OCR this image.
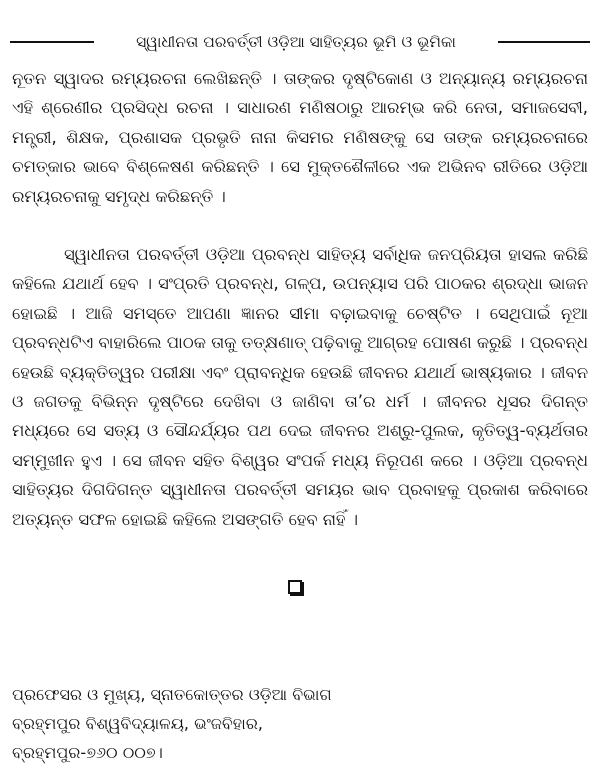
ସ୍ୱାଧୀନତା ପରବର୍ତ୍ତୀ ଓଡ଼ିଆ ସାହିତ୍ୟର ଭୂମି ଓ ଭୂମିକା

ନୂତନ ସ୍ୱାଦର ରମ୍ୟରଚନା ଲେଖିଛନ୍ତି । ତାଙ୍କର ଦୃଷ୍ଟିକୋଣ ଓ ଅନ୍ୟାନ୍ୟ ରମ୍ୟରଚନା ଏହି ଶ୍ରେଣୀର ପ୍ରସିଦ୍ଧ ରଚନା । ସାଧାରଣ ମଣିଷଠାରୁ ଆରମ୍ଭ କରି ନେତା, ସମାଜସେବୀ, ମନ୍ତ୍ରୀ, ଶିକ୍ଷକ, ପ୍ରଶାସକ ପ୍ରଭୃତି ନାନା କିସମର ମଣିଷଙ୍କୁ ସେ ତାଙ୍କ ରମ୍ୟରଚନାରେ ଚମତ୍କାର ଭାବେ ବିଶ୍ଳେଷଣ କରିଛନ୍ତି । ସେ ମୁକ୍ତଶୈଳୀରେ ଏକ ଅଭିନବ ରୀତିରେ ଓଡ଼ିଆ ରମ୍ୟରଚନାକୁ ସମୃଦ୍ଧ କରିଛନ୍ତି ।

ସ୍ୱାଧୀନତା ପରବର୍ତ୍ତୀ ଓଡ଼ିଆ ପ୍ରବନ୍ଧ ସାହିତ୍ୟ ସର୍ବାଧିକ ଜନପ୍ରିୟତା ହାସଲ କରିଛି କହିଲେ ଯଥାର୍ଥ ହେବ । ସଂପ୍ରତି ପ୍ରବନ୍ଧ, ଗଳ୍ପ, ଉପନ୍ୟାସ ପରି ପାଠକର ଶ୍ରଦ୍ଧା ଭାଜନ ହୋଇଛି । ଆଜି ସମସ୍ତେ ଆପଣା ଜ୍ଞାନର ସୀମା ବଢ଼ାଇବାକୁ ଚେଷ୍ଟିତ । ସେଥିପାଇଁ ନୂଆ ପ୍ରବନ୍ଧଟିଏ ବାହାରିଲେ ପାଠକ ତାକୁ ତତ୍‌କ୍ଷଣାତ୍ ପଢ଼ିବାକୁ ଆଗ୍ରହ ପୋଷଣ କରୁଛି । ପ୍ରବନ୍ଧ ହେଉଛି ବ୍ୟକ୍ତିତ୍ୱର ପରୀକ୍ଷା ଏବଂ ପ୍ରାବନ୍ଧିକ ହେଉଛି ଜୀବନର ଯଥାର୍ଥ ଭାଷ୍ୟକାର । ଜୀବନ ଓ ଜଗତକୁ ବିଭିନ୍ନ ଦୃଷ୍ଟିରେ ଦେଖିବା ଓ ଜାଣିବା ତା’ର ଧର୍ମ । ଜୀବନର ଧୂସର ଦିଗନ୍ତ ମଧ୍ୟରେ ସେ ସତ୍ୟ ଓ ସୌନ୍ଦର୍ଯ୍ୟର ପଥ ଦେଇ ଜୀବନର ଅଶ୍ରୁ-ପୁଲକ, କୃତିତ୍ୱ-ବ୍ୟର୍ଥତାର ସମ୍ମୁଖୀନ ହୁଏ । ସେ ଜୀବନ ସହିତ ବିଶ୍ୱର ସଂପର୍କ ମଧ୍ୟ ନିରୂପଣ କରେ । ଓଡ଼ିଆ ପ୍ରବନ୍ଧ ସାହିତ୍ୟର ଦିଗଦିଗନ୍ତ ସ୍ୱାଧୀନତା ପରବର୍ତ୍ତୀ ସମୟର ଭାବ ପ୍ରବାହକୁ ପ୍ରକାଶ କରିବାରେ ଅତ୍ୟନ୍ତ ସଫଳ ହୋଇଛି କହିଲେ ଅସଙ୍ଗତି ହେବ ନାହିଁ ।

ପ୍ରଫେସର ଓ ମୁଖ୍ୟ, ସ୍ନାତକୋତ୍ତର ଓଡ଼ିଆ ବିଭାଗ
ବ୍ରହ୍ମପୁର ବିଶ୍ୱବିଦ୍ୟାଳୟ, ଭଂଜବିହାର,
ବ୍ରହ୍ମପୁର-୭୬୦ ୦୦୭।
